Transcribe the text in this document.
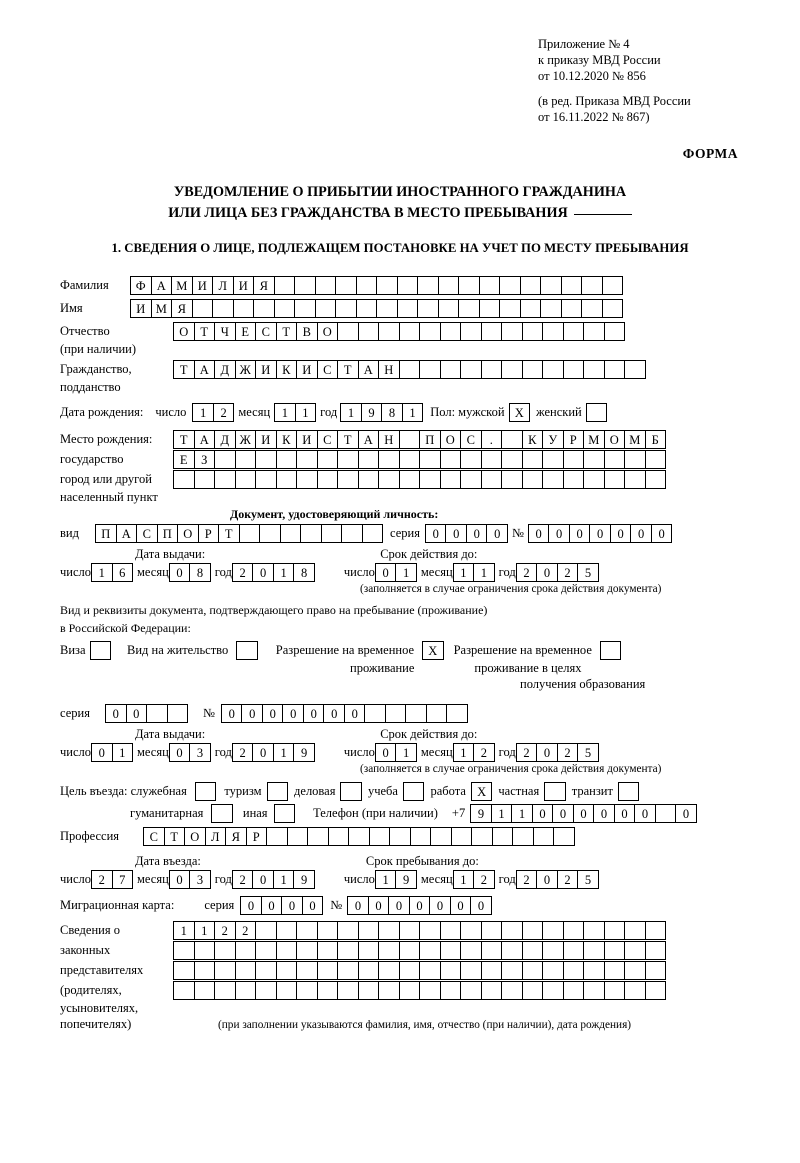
Приложение № 4
к приказу МВД России
от 10.12.2020 № 856
(в ред. Приказа МВД России
от 16.11.2022 № 867)
ФОРМА
УВЕДОМЛЕНИЕ О ПРИБЫТИИ ИНОСТРАННОГО ГРАЖДАНИНА
ИЛИ ЛИЦА БЕЗ ГРАЖДАНСТВА В МЕСТО ПРЕБЫВАНИЯ
1. СВЕДЕНИЯ О ЛИЦЕ, ПОДЛЕЖАЩЕМ ПОСТАНОВКЕ НА УЧЕТ ПО МЕСТУ ПРЕБЫВАНИЯ
Фамилия	Ф А М И Л И Я
Имя	И М Я
Отчество	О Т	Ч	Е	С	Т	В О
(при наличии)
Гражданство,	Т А Д Ж И К И С	Т А Н
подданство
Дата рождения: число	1	2 месяц 1	1 год 1	9	8	1	Пол: мужской X женский
Место рождения:	Т А Д Ж И К И С	Т А Н	П О С	.	К У	Р М О М Б
государство	Е	З
город или другой
населенный пункт
Документ, удостоверяющий личность:
вид	П А С П О	Р	Т	серия	0	0	0	0 № 0	0	0	0	0	0	0
Дата выдачи:	Срок действия до:
число 1	6 месяц 0	8 год 2	0	1	8	число 0	1 месяц 1	1 год 2	0	2	5
(заполняется в случае ограничения срока действия документа)
Вид и реквизиты документа, подтверждающего право на пребывание (проживание)
в Российской Федерации:
Виза	Вид на жительство	Разрешение на временное	X	Разрешение на временное
проживание	проживание в целях
получения образования
серия	0	0	№	0	0	0	0	0	0	0
Дата выдачи:	Срок действия до:
число 0	1 месяц 0	3 год 2	0	1	9	число 0	1 месяц 1	2 год 2	0	2	5
(заполняется в случае ограничения срока действия документа)
Цель въезда: служебная	туризм	деловая	учеба	работа X частная	транзит
гуманитарная	иная	Телефон (при наличии) +7	9	1	1	0	0	0	0	0	0	0
Профессия	С	Т О Л Я	Р
Дата въезда:	Срок пребывания до:
число 2	7 месяц 0	3 год 2	0	1	9	число 1	9 месяц 1	2 год 2	0	2	5
Миграционная карта: серия	0	0	0	0	№	0	0	0	0	0	0	0
Сведения о	1	1	2	2
законных
представителях
(родителях,
усыновителях,
попечителях)	(при заполнении указываются фамилия, имя, отчество (при наличии), дата рождения)
